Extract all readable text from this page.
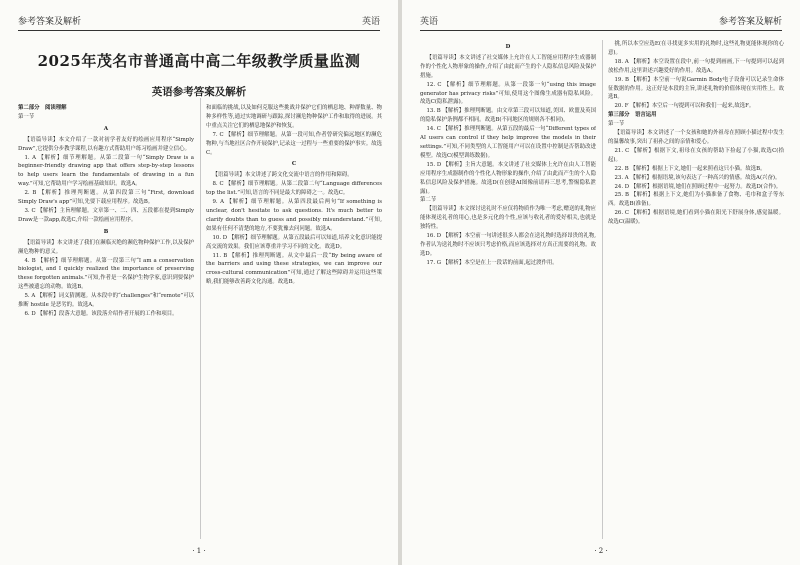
参考答案及解析	英语
2025年茂名市普通高中高二年级教学质量监测
英语参考答案及解析

第二部分　阅读理解

第一节

A

【语篇导读】本文介绍了一款对初学者友好的绘画应用程序“Simply Draw”,它提供分步教学课程,以有趣方式帮助用户练习绘画并建立信心。

1. A 【解析】细节理解题。从第二段第一句“Simply Draw is a beginner-friendly drawing app that offers step-by-step lessons to help users learn the fundamentals of drawing in a fun way.”可知,它帮助用户学习绘画基础知识。故选A。

2. B 【解析】推理判断题。从第四段第三句“First, download Simply Draw's app”可知,先要下载应用程序。故选B。

3. C 【解析】主旨理解题。文章第一、二、四、五段都在提到Simply Draw是一款app,故选C,介绍一款绘画应用程序。

B

【语篇导读】本文讲述了我们在濒临灭绝的濒危物种保护工作,以及保护濒危物种的意义。

4. B 【解析】细节理解题。从第一段第三句“I am a conservation biologist, and I quickly realized the importance of preserving these forgotten animals.”可知,作者是一名保护生物学家,意识到要保护这些被遗忘的动物。故选B。

5. A 【解析】词义猜测题。从本段中的“challenges”和“remote”可以推断 hostile 是恶劣的。故选A。

6. D 【解析】段落大意题。该段落介绍作者开展的工作和项目。

和面临的挑战,以及如何克服这些挑战并保护它们的栖息地、种群数量、物种多样性等,通过实地调研与跟踪,探讨濒危物种保护工作和取得的进展。其中重点关注它们的栖息地保护和恢复。

7. C 【解析】细节理解题。从第一段可知,作者曾研究偏远地区的濒危物种,与当地社区合作开展保护,记录这一过程与一些重要的保护事实。故选C。

C

【语篇导读】本文讲述了跨文化交流中语言的作用和障碍。

8. C 【解析】细节理解题。从第二段第二句“Language differences top the list.”可知,语言的不同是最大的障碍之一。故选C。

9. A 【解析】细节理解题。从第四段最后两句“If something is unclear, don't hesitate to ask questions. It's much better to clarify doubts than to guess and possibly misunderstand.”可知,如果有任何不清楚的地方,不要犹豫去问问题。故选A。

10. D 【解析】细节理解题。从第五段最后可以知道,培养文化意识能提高交流的效果。我们应该尊重并学习不同的文化。故选D。

11. B 【解析】推理判断题。从文中最后一段“By being aware of the barriers and using these strategies, we can improve our cross-cultural communication”可知,通过了解这些障碍并运用这些策略,我们能够改善跨文化沟通。故选B。

· 1 ·
英语	参考答案及解析

D

【语篇导读】本文讲述了社交媒体上允许在人工智能应用程序生成器制作的个性化人物形象的操作,介绍了由此而产生的个人隐私信息风险及保护措施。

12. C 【解析】细节理解题。从第一段第一句“using this image generator has privacy risks”可知,使用这个图像生成器有隐私风险。故选C(隐私泄露)。

13. B 【解析】推理判断题。由文章第三段可以知道,美国、欧盟及英国的隐私保护条例都不相同。故选B(不同地区的规则各不相同)。

14. C 【解析】推理判断题。从第五段的最后一句“Different types of AI users can control if they help improve the models in their settings.”可知,不同类型的人工智能用户可以在设置中控制是否帮助改进模型。故选C(模型训练数据)。

15. D 【解析】主旨大意题。本文讲述了社交媒体上允许在由人工智能应用程序生成器制作的个性化人物形象的操作,介绍了由此而产生的个人隐私信息风险及保护措施。故选D(在创建AI图像前请再三思考,警惕隐私泄露)。

第二节

【语篇导读】本文探讨送礼时不应仅将物质作为唯一考虑,赠送的礼物应能体现送礼者的用心,也是多元化的个性,应该与收礼者的爱好相关,也就是独特性。

16. D 【解析】本空前一句讲述很多人都会在送礼物时选择昂贵的礼物,作者认为送礼物时不应该只考虑价格,而应该选择对方真正需要的礼物。故选D。

17. G 【解析】本空是在上一段话的前面,起过渡作用。

挑,所以本空应选E(在寻找更多实用的礼物时,这些礼物更能体现你的心意)。

18. A 【解析】本空设置在段中,前一句提到画画,下一句提到可以起到放松作用,这里讲述兴趣爱好的作用。故选A。

19. B 【解析】本空前一句说Garmin Body电子设备可以记录生命体征数据的作用。这正好是本段的主旨,讲述礼物的价值体现在实用性上。故选B。

20. F 【解析】本空后一句提到可以和我们一起来,故选F。

第三部分　语言运用

第一节

【语篇导读】本文讲述了一个女孩和她的外祖母在照顾小猫过程中发生的温馨故事,突出了祖孙之间的亲情和爱心。

21. C 【解析】根据下文,祖母在女孩的帮助下捡起了小猫,故选C(拾起)。

22. B 【解析】根据上下文,她们一起来照看这只小猫。故选B。

23. A 【解析】根据语境,该句表达了一种高兴的情感。故选A(兴奋)。

24. D 【解析】根据语境,她们在照顾过程中一起努力。故选D(合作)。

25. B 【解析】根据上下文,她们为小猫准备了食物、毛巾和盒子等东西。故选B(准备)。

26. C 【解析】根据语境,她们看到小猫在阳光下舒展身体,感觉温暖。故选C(温暖)。

· 2 ·
